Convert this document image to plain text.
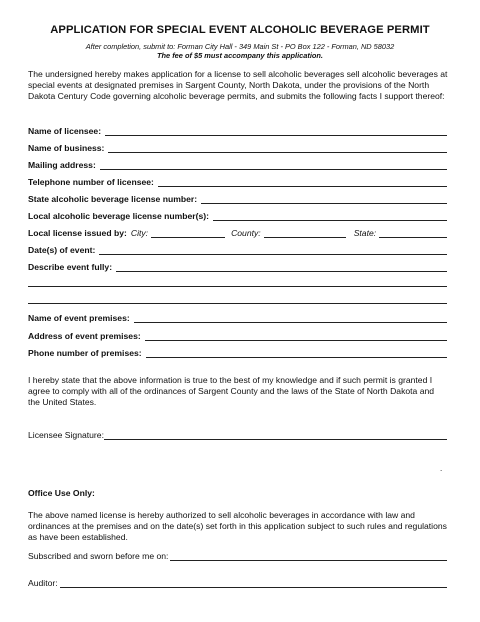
APPLICATION FOR SPECIAL EVENT ALCOHOLIC BEVERAGE PERMIT
After completion, submit to: Forman City Hall - 349 Main St - PO Box 122 - Forman, ND 58032
The fee of $5 must accompany this application.
The undersigned hereby makes application for a license to sell alcoholic beverages sell alcoholic beverages at special events at designated premises in Sargent County, North Dakota, under the provisions of the North Dakota Century Code governing alcoholic beverage permits, and submits the following facts I support thereof:
Name of licensee:
Name of business:
Mailing address:
Telephone number of licensee:
State alcoholic beverage license number:
Local alcoholic beverage license number(s):
Local license issued by: City:	County:	State:
Date(s) of event:
Describe event fully:
Name of event premises:
Address of event premises:
Phone number of premises:
I hereby state that the above information is true to the best of my knowledge and if such permit is granted I agree to comply with all of the ordinances of Sargent County and the laws of the State of North Dakota and the United States.
Licensee Signature:
.
Office Use Only:
The above named license is hereby authorized to sell alcoholic beverages in accordance with law and ordinances at the premises and on the date(s) set forth in this application subject to such rules and regulations as have been established.
Subscribed and sworn before me on:
Auditor:
